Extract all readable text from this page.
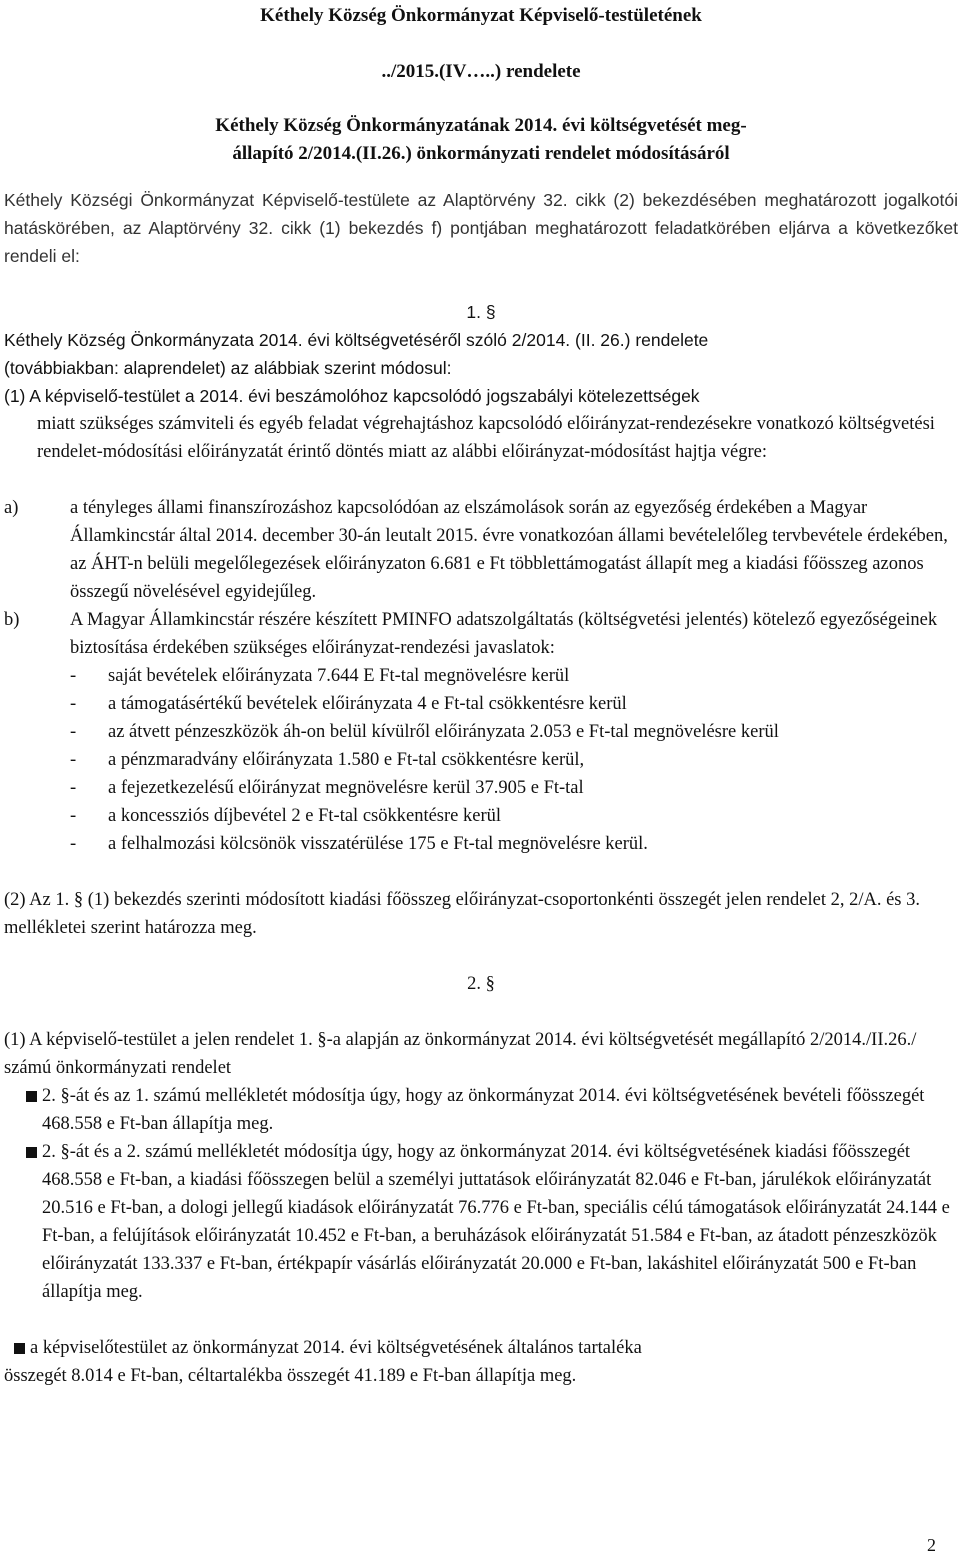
Kéthely Község Önkormányzat Képviselő-testületének
../2015.(IV…..) rendelete
Kéthely Község Önkormányzatának 2014. évi költségvetését meg-
állapító 2/2014.(II.26.) önkormányzati rendelet módosításáról
Kéthely Községi Önkormányzat Képviselő-testülete az Alaptörvény 32. cikk (2) bekezdésében meghatározott jogalkotói hatáskörében, az Alaptörvény 32. cikk (1) bekezdés f) pontjában meghatározott feladatkörében eljárva a következőket rendeli el:
1. §
Kéthely Község Önkormányzata 2014. évi költségvetéséről szóló 2/2014. (II. 26.) rendelete
(továbbiakban: alaprendelet) az alábbiak szerint módosul:
(1) A képviselő-testület a 2014. évi beszámolóhoz kapcsolódó jogszabályi kötelezettségek
miatt szükséges számviteli és egyéb feladat végrehajtáshoz kapcsolódó előirányzat-rendezésekre vonatkozó költségvetési rendelet-módosítási előirányzatát érintő döntés miatt az alábbi előirányzat-módosítást hajtja végre:
a)	a tényleges állami finanszírozáshoz kapcsolódóan az elszámolások során az egyezőség érdekében a Magyar Államkincstár által 2014. december 30-án leutalt 2015. évre vonatkozóan állami bevételelőleg tervbevétele érdekében, az ÁHT-n belüli megelőlegezések előirányzaton 6.681 e Ft többlettámogatást állapít meg a kiadási főösszeg azonos összegű növelésével egyidejűleg.
b)	A Magyar Államkincstár részére készített PMINFO adatszolgáltatás (költségvetési jelentés) kötelező egyezőségeinek biztosítása érdekében szükséges előirányzat-rendezési javaslatok:
-	saját bevételek előirányzata 7.644 E Ft-tal megnövelésre kerül
-	a támogatásértékű bevételek előirányzata 4 e Ft-tal csökkentésre kerül
-	az átvett pénzeszközök áh-on belül kívülről előirányzata 2.053 e Ft-tal megnövelésre kerül
-	a pénzmaradvány előirányzata 1.580 e Ft-tal csökkentésre kerül,
-	a fejezetkezelésű előirányzat megnövelésre kerül 37.905 e Ft-tal
-	a koncessziós díjbevétel 2 e Ft-tal csökkentésre kerül
-	a felhalmozási kölcsönök visszatérülése 175 e Ft-tal megnövelésre kerül.
(2) Az 1. § (1) bekezdés szerinti módosított kiadási főösszeg előirányzat-csoportonkénti összegét jelen rendelet 2, 2/A. és 3. mellékletei szerint határozza meg.
2. §
(1) A képviselő-testület a jelen rendelet 1. §-a alapján az önkormányzat 2014. évi költségvetését megállapító 2/2014./II.26./ számú önkormányzati rendelet
2. §-át és az 1. számú mellékletét módosítja úgy, hogy az önkormányzat 2014. évi költségvetésének bevételi főösszegét 468.558 e Ft-ban állapítja meg.
2. §-át és a 2. számú mellékletét módosítja úgy, hogy az önkormányzat 2014. évi költségvetésének kiadási főösszegét 468.558 e Ft-ban, a kiadási főösszegen belül a személyi juttatások előirányzatát 82.046 e Ft-ban, járulékok előirányzatát 20.516 e Ft-ban, a dologi jellegű kiadások előirányzatát 76.776 e Ft-ban, speciális célú támogatások előirányzatát 24.144 e Ft-ban, a felújítások előirányzatát 10.452 e Ft-ban, a beruházások előirányzatát 51.584 e Ft-ban, az átadott pénzeszközök előirányzatát 133.337 e Ft-ban, értékpapír vásárlás előirányzatát 20.000 e Ft-ban, lakáshitel előirányzatát 500 e Ft-ban állapítja meg.
a képviselőtestület az önkormányzat 2014. évi költségvetésének általános tartaléka
összegét 8.014 e Ft-ban, céltartalékba összegét 41.189 e Ft-ban állapítja meg.
2
